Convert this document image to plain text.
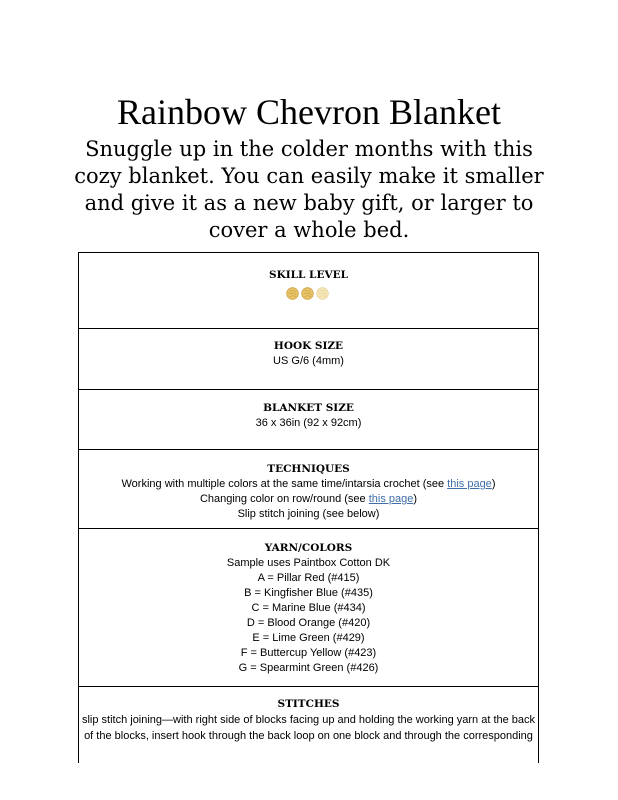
Rainbow Chevron Blanket

Snuggle up in the colder months with this cozy blanket. You can easily make it smaller and give it as a new baby gift, or larger to cover a whole bed.

SKILL LEVEL

HOOK SIZE
US G/6 (4mm)

BLANKET SIZE
36 x 36in (92 x 92cm)

TECHNIQUES
Working with multiple colors at the same time/intarsia crochet (see this page)
Changing color on row/round (see this page)
Slip stitch joining (see below)

YARN/COLORS
Sample uses Paintbox Cotton DK
A = Pillar Red (#415)
B = Kingfisher Blue (#435)
C = Marine Blue (#434)
D = Blood Orange (#420)
E = Lime Green (#429)
F = Buttercup Yellow (#423)
G = Spearmint Green (#426)

STITCHES
slip stitch joining—with right side of blocks facing up and holding the working yarn at the back of the blocks, insert hook through the back loop on one block and through the corresponding
